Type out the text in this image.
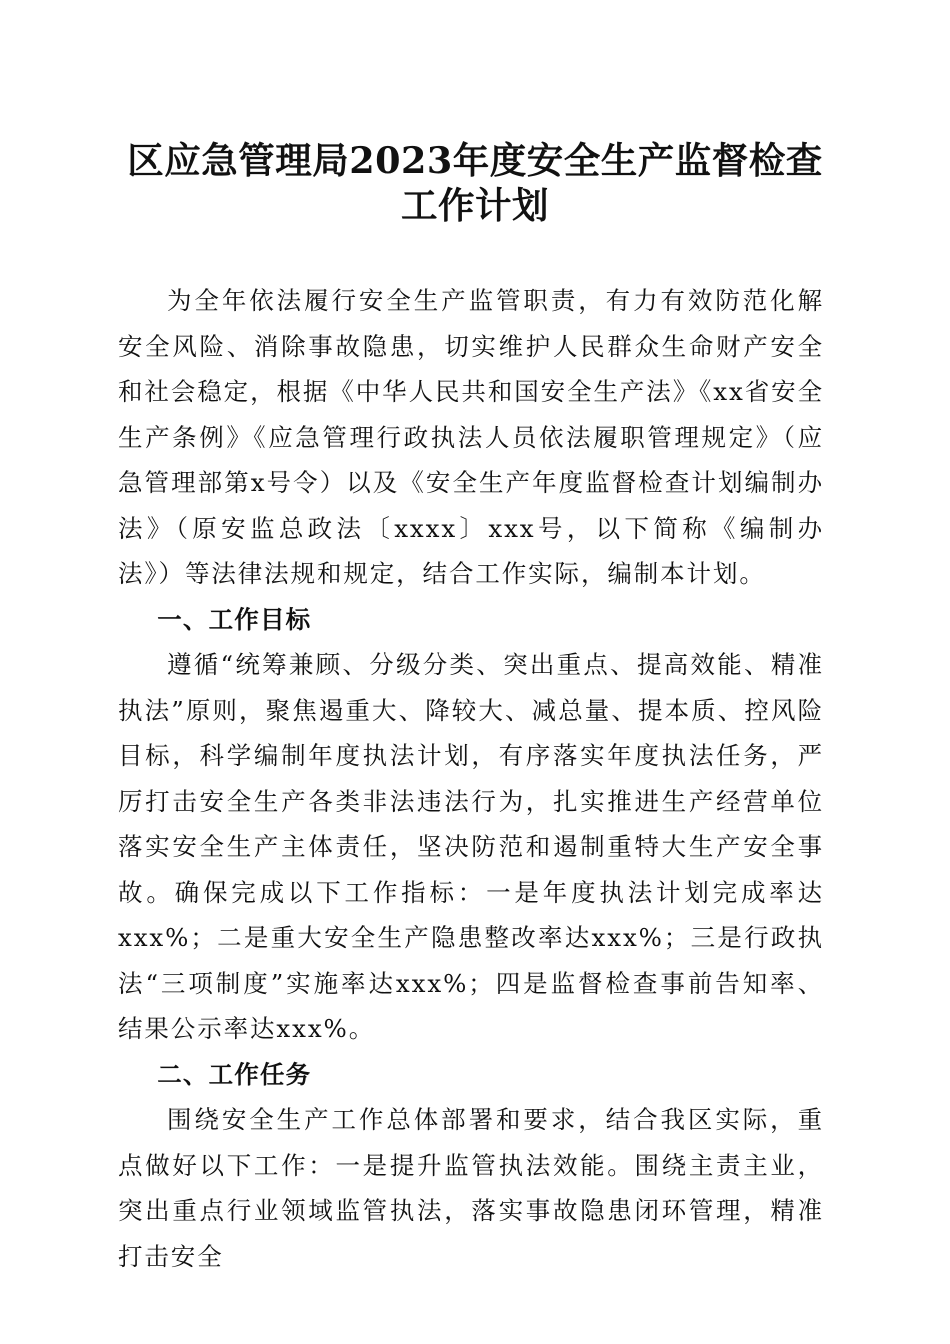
区应急管理局2023年度安全生产监督检查工作计划

为全年依法履行安全生产监管职责，有力有效防范化解安全风险、消除事故隐患，切实维护人民群众生命财产安全和社会稳定，根据《中华人民共和国安全生产法》《xx省安全生产条例》《应急管理行政执法人员依法履职管理规定》（应急管理部第x号令）以及《安全生产年度监督检查计划编制办法》（原安监总政法〔xxxx〕xxx号，以下简称《编制办法》）等法律法规和规定，结合工作实际，编制本计划。

一、工作目标

遵循“统筹兼顾、分级分类、突出重点、提高效能、精准执法”原则，聚焦遏重大、降较大、减总量、提本质、控风险目标，科学编制年度执法计划，有序落实年度执法任务，严厉打击安全生产各类非法违法行为，扎实推进生产经营单位落实安全生产主体责任，坚决防范和遏制重特大生产安全事故。确保完成以下工作指标：一是年度执法计划完成率达xxx%；二是重大安全生产隐患整改率达xxx%；三是行政执法“三项制度”实施率达xxx%；四是监督检查事前告知率、结果公示率达xxx%。

二、工作任务

围绕安全生产工作总体部署和要求，结合我区实际，重点做好以下工作：一是提升监管执法效能。围绕主责主业，突出重点行业领域监管执法，落实事故隐患闭环管理，精准打击安全
